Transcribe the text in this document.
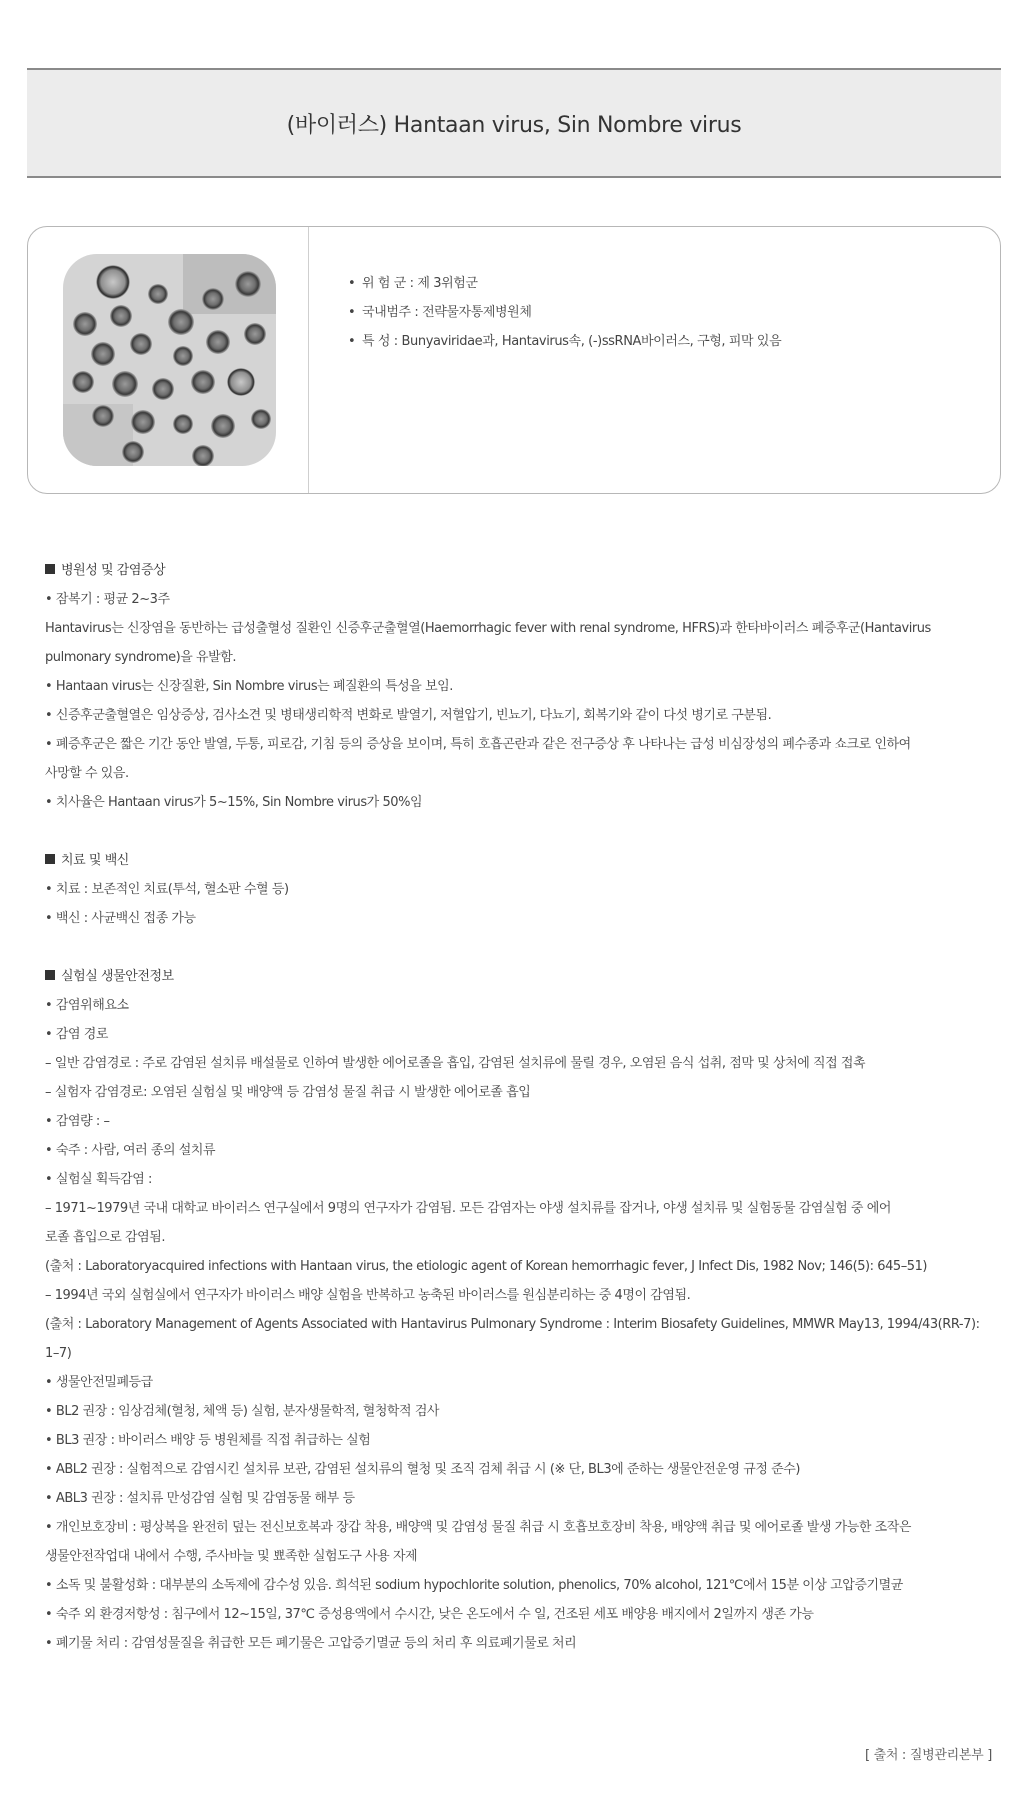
(바이러스) Hantaan virus, Sin Nombre virus
• 위 험 군 : 제 3위험군
• 국내범주 : 전략물자통제병원체
• 특 성 : Bunyaviridae과, Hantavirus속, (-)ssRNA바이러스, 구형, 피막 있음

병원성 및 감염증상

• 잠복기 : 평균 2~3주

Hantavirus는 신장염을 동반하는 급성출혈성 질환인 신증후군출혈열(Haemorrhagic fever with renal syndrome, HFRS)과 한타바이러스 폐증후군(Hantavirus

pulmonary syndrome)을 유발함.

• Hantaan virus는 신장질환, Sin Nombre virus는 폐질환의 특성을 보임.

• 신증후군출혈열은 임상증상, 검사소견 및 병태생리학적 변화로 발열기, 저혈압기, 빈뇨기, 다뇨기, 회복기와 같이 다섯 병기로 구분됨.

• 폐증후군은 짧은 기간 동안 발열, 두통, 피로감, 기침 등의 증상을 보이며, 특히 호흡곤란과 같은 전구증상 후 나타나는 급성 비심장성의 폐수종과 쇼크로 인하여

사망할 수 있음.

• 치사율은 Hantaan virus가 5~15%, Sin Nombre virus가 50%임

치료 및 백신

• 치료 : 보존적인 치료(투석, 혈소판 수혈 등)

• 백신 : 사균백신 접종 가능

실험실 생물안전정보

• 감염위해요소

• 감염 경로

– 일반 감염경로 : 주로 감염된 설치류 배설물로 인하여 발생한 에어로졸을 흡입, 감염된 설치류에 물릴 경우, 오염된 음식 섭취, 점막 및 상처에 직접 접촉

– 실험자 감염경로: 오염된 실험실 및 배양액 등 감염성 물질 취급 시 발생한 에어로졸 흡입

• 감염량 : –

• 숙주 : 사람, 여러 종의 설치류

• 실험실 획득감염 :

– 1971~1979년 국내 대학교 바이러스 연구실에서 9명의 연구자가 감염됨. 모든 감염자는 야생 설치류를 잡거나, 야생 설치류 및 실험동물 감염실험 중 에어

로졸 흡입으로 감염됨.

(출처 : Laboratoryacquired infections with Hantaan virus, the etiologic agent of Korean hemorrhagic fever, J Infect Dis, 1982 Nov; 146(5): 645–51)

– 1994년 국외 실험실에서 연구자가 바이러스 배양 실험을 반복하고 농축된 바이러스를 원심분리하는 중 4명이 감염됨.

(출처 : Laboratory Management of Agents Associated with Hantavirus Pulmonary Syndrome : Interim Biosafety Guidelines, MMWR May13, 1994/43(RR-7):

1–7)

• 생물안전밀폐등급

• BL2 권장 : 임상검체(혈청, 체액 등) 실험, 분자생물학적, 혈청학적 검사

• BL3 권장 : 바이러스 배양 등 병원체를 직접 취급하는 실험

• ABL2 권장 : 실험적으로 감염시킨 설치류 보관, 감염된 설치류의 혈청 및 조직 검체 취급 시 (※ 단, BL3에 준하는 생물안전운영 규정 준수)

• ABL3 권장 : 설치류 만성감염 실험 및 감염동물 해부 등

• 개인보호장비 : 평상복을 완전히 덮는 전신보호복과 장갑 착용, 배양액 및 감염성 물질 취급 시 호흡보호장비 착용, 배양액 취급 및 에어로졸 발생 가능한 조작은

생물안전작업대 내에서 수행, 주사바늘 및 뾰족한 실험도구 사용 자제

• 소독 및 불활성화 : 대부분의 소독제에 감수성 있음. 희석된 sodium hypochlorite solution, phenolics, 70% alcohol, 121℃에서 15분 이상 고압증기멸균

• 숙주 외 환경저항성 : 침구에서 12~15일, 37℃ 증성용액에서 수시간, 낮은 온도에서 수 일, 건조된 세포 배양용 배지에서 2일까지 생존 가능

• 폐기물 처리 : 감염성물질을 취급한 모든 폐기물은 고압증기멸균 등의 처리 후 의료폐기물로 처리

[ 출처 : 질병관리본부 ]
